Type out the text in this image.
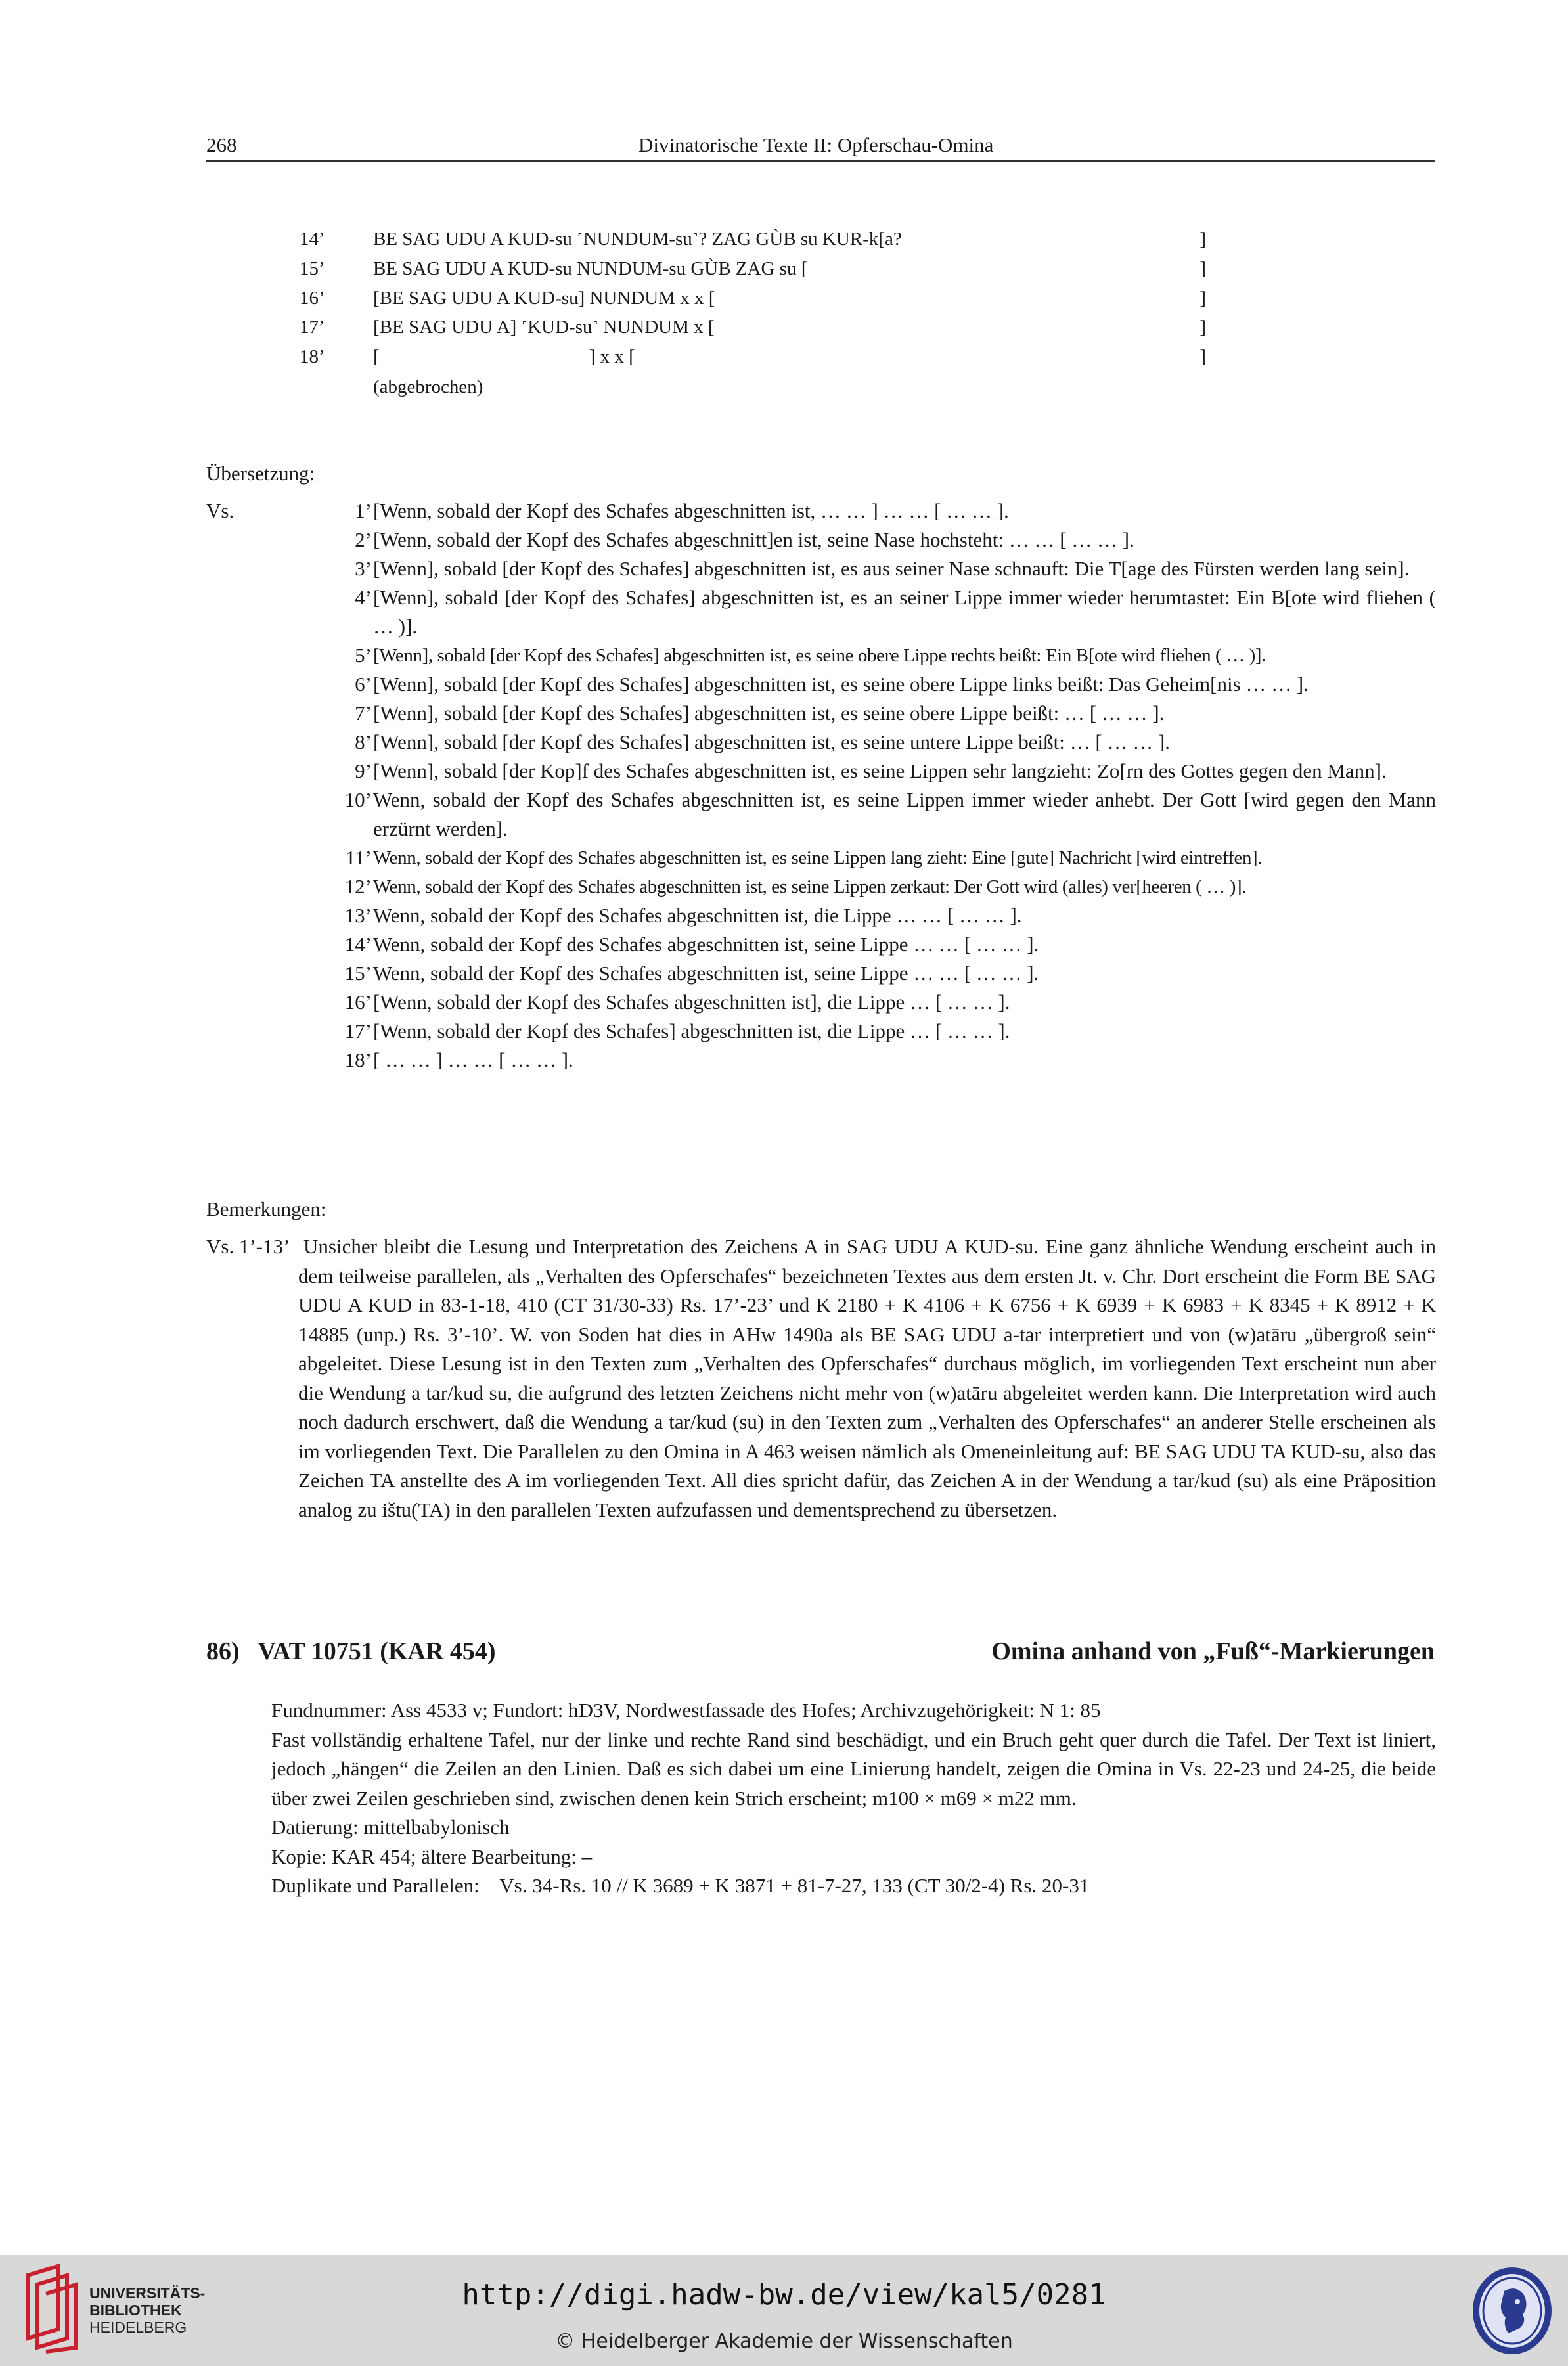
268	Divinatorische Texte II: Opferschau-Omina
14’	BE SAG UDU A KUD-su ˹NUNDUM-su˺? ZAG GÙB su KUR-k[a?	]
15’	BE SAG UDU A KUD-su NUNDUM-su GÙB ZAG su [	]
16’	[BE SAG UDU A KUD-su] NUNDUM x x [	]
17’	[BE SAG UDU A] ˹KUD-su˺ NUNDUM x [	]
18’	[                                            ] x x [	]
(abgebrochen)
Übersetzung:
Vs.	1’ [Wenn, sobald der Kopf des Schafes abgeschnitten ist, … … ] … … [ … … ].
2’ [Wenn, sobald der Kopf des Schafes abgeschnitt]en ist, seine Nase hochsteht: … … [ … … ].
3’ [Wenn], sobald [der Kopf des Schafes] abgeschnitten ist, es aus seiner Nase schnauft: Die T[age des Fürsten werden lang sein].
4’ [Wenn], sobald [der Kopf des Schafes] abgeschnitten ist, es an seiner Lippe immer wieder herumtastet: Ein B[ote wird fliehen ( … )].
5’ [Wenn], sobald [der Kopf des Schafes] abgeschnitten ist, es seine obere Lippe rechts beißt: Ein B[ote wird fliehen ( … )].
6’ [Wenn], sobald [der Kopf des Schafes] abgeschnitten ist, es seine obere Lippe links beißt: Das Geheim[nis … … ].
7’ [Wenn], sobald [der Kopf des Schafes] abgeschnitten ist, es seine obere Lippe beißt: … [ … … ].
8’ [Wenn], sobald [der Kopf des Schafes] abgeschnitten ist, es seine untere Lippe beißt: … [ … … ].
9’ [Wenn], sobald [der Kop]f des Schafes abgeschnitten ist, es seine Lippen sehr langzieht: Zo[rn des Gottes gegen den Mann].
10’ Wenn, sobald der Kopf des Schafes abgeschnitten ist, es seine Lippen immer wieder anhebt. Der Gott [wird gegen den Mann erzürnt werden].
11’ Wenn, sobald der Kopf des Schafes abgeschnitten ist, es seine Lippen lang zieht: Eine [gute] Nachricht [wird eintreffen].
12’ Wenn, sobald der Kopf des Schafes abgeschnitten ist, es seine Lippen zerkaut: Der Gott wird (alles) ver[heeren ( … )].
13’ Wenn, sobald der Kopf des Schafes abgeschnitten ist, die Lippe … … [ … … ].
14’ Wenn, sobald der Kopf des Schafes abgeschnitten ist, seine Lippe … … [ … … ].
15’ Wenn, sobald der Kopf des Schafes abgeschnitten ist, seine Lippe … … [ … … ].
16’ [Wenn, sobald der Kopf des Schafes abgeschnitten ist], die Lippe … [ … … ].
17’ [Wenn, sobald der Kopf des Schafes] abgeschnitten ist, die Lippe … [ … … ].
18’ [ … … ] … … [ … … ].
Bemerkungen:
Vs. 1’-13’ Unsicher bleibt die Lesung und Interpretation des Zeichens A in SAG UDU A KUD-su. Eine ganz ähnliche Wendung erscheint auch in dem teilweise parallelen, als „Verhalten des Opferschafes“ bezeichneten Textes aus dem ersten Jt. v. Chr. Dort erscheint die Form BE SAG UDU A KUD in 83-1-18, 410 (CT 31/30-33) Rs. 17’-23’ und K 2180 + K 4106 + K 6756 + K 6939 + K 6983 + K 8345 + K 8912 + K 14885 (unp.) Rs. 3’-10’. W. von Soden hat dies in AHw 1490a als BE SAG UDU a-tar interpretiert und von (w)atāru „übergroß sein“ abgeleitet. Diese Lesung ist in den Texten zum „Verhalten des Opferschafes“ durchaus möglich, im vorliegenden Text erscheint nun aber die Wendung a tar/kud su, die aufgrund des letzten Zeichens nicht mehr von (w)atāru abgeleitet werden kann. Die Interpretation wird auch noch dadurch erschwert, daß die Wendung a tar/kud (su) in den Texten zum „Verhalten des Opferschafes“ an anderer Stelle erscheinen als im vorliegenden Text. Die Parallelen zu den Omina in A 463 weisen nämlich als Omeneinleitung auf: BE SAG UDU TA KUD-su, also das Zeichen TA anstellte des A im vorliegenden Text. All dies spricht dafür, das Zeichen A in der Wendung a tar/kud (su) als eine Präposition analog zu ištu(TA) in den parallelen Texten aufzufassen und dementsprechend zu übersetzen.
86)   VAT 10751 (KAR 454)	Omina anhand von „Fuß“-Markierungen

Fundnummer: Ass 4533 v; Fundort: hD3V, Nordwestfassade des Hofes; Archivzugehörigkeit: N 1: 85

Fast vollständig erhaltene Tafel, nur der linke und rechte Rand sind beschädigt, und ein Bruch geht quer durch die Tafel. Der Text ist liniert, jedoch „hängen“ die Zeilen an den Linien. Daß es sich dabei um eine Linierung handelt, zeigen die Omina in Vs. 22-23 und 24-25, die beide über zwei Zeilen geschrieben sind, zwischen denen kein Strich erscheint; m100 × m69 × m22 mm.

Datierung: mittelbabylonisch

Kopie: KAR 454; ältere Bearbeitung: –

Duplikate und Parallelen:    Vs. 34-Rs. 10 // K 3689 + K 3871 + 81-7-27, 133 (CT 30/2-4) Rs. 20-31

UNIVERSITÄTS-
BIBLIOTHEK
HEIDELBERG
http://digi.hadw-bw.de/view/kal5/0281
© Heidelberger Akademie der Wissenschaften
